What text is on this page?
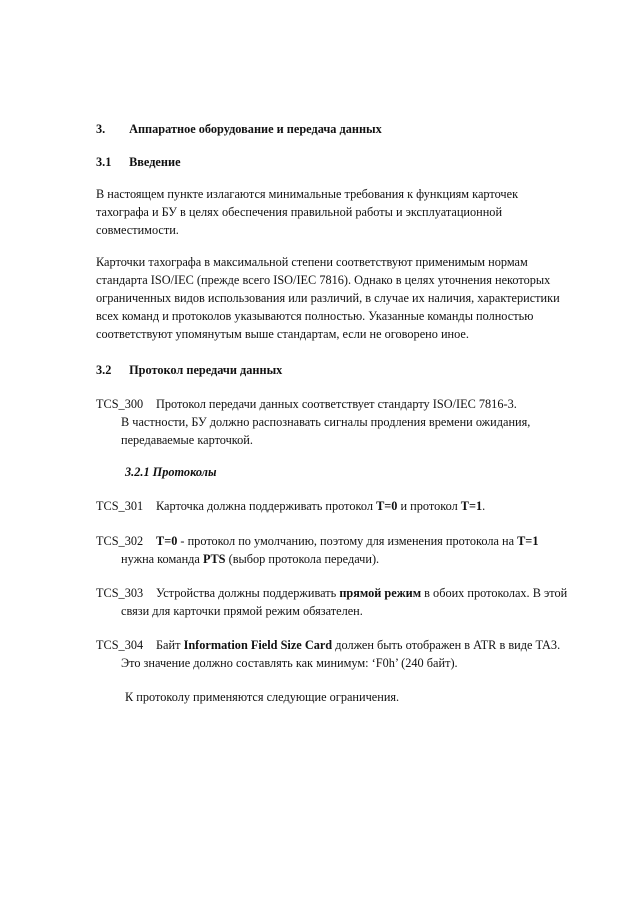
3. Аппаратное оборудование и передача данных
3.1 Введение
В настоящем пункте излагаются минимальные требования к функциям карточек
тахографа и БУ в целях обеспечения правильной работы и эксплуатационной
совместимости.
Карточки тахографа в максимальной степени соответствуют применимым нормам
стандарта ISO/IEC (прежде всего ISO/IEC 7816). Однако в целях уточнения некоторых
ограниченных видов использования или различий, в случае их наличия, характеристики
всех команд и протоколов указываются полностью. Указанные команды полностью
соответствуют упомянутым выше стандартам, если не оговорено иное.
3.2 Протокол передачи данных
TCS_300 Протокол передачи данных соответствует стандарту ISO/IEC 7816-3.
В частности, БУ должно распознавать сигналы продления времени ожидания,
передаваемые карточкой.
3.2.1 Протоколы
TCS_301 Карточка должна поддерживать протокол T=0 и протокол T=1.
TCS_302 T=0 - протокол по умолчанию, поэтому для изменения протокола на T=1
нужна команда PTS (выбор протокола передачи).
TCS_303 Устройства должны поддерживать прямой режим в обоих протоколах. В этой
связи для карточки прямой режим обязателен.
TCS_304 Байт Information Field Size Card должен быть отображен в ATR в виде TA3.
Это значение должно составлять как минимум: ‘F0h’ (240 байт).
К протоколу применяются следующие ограничения.
